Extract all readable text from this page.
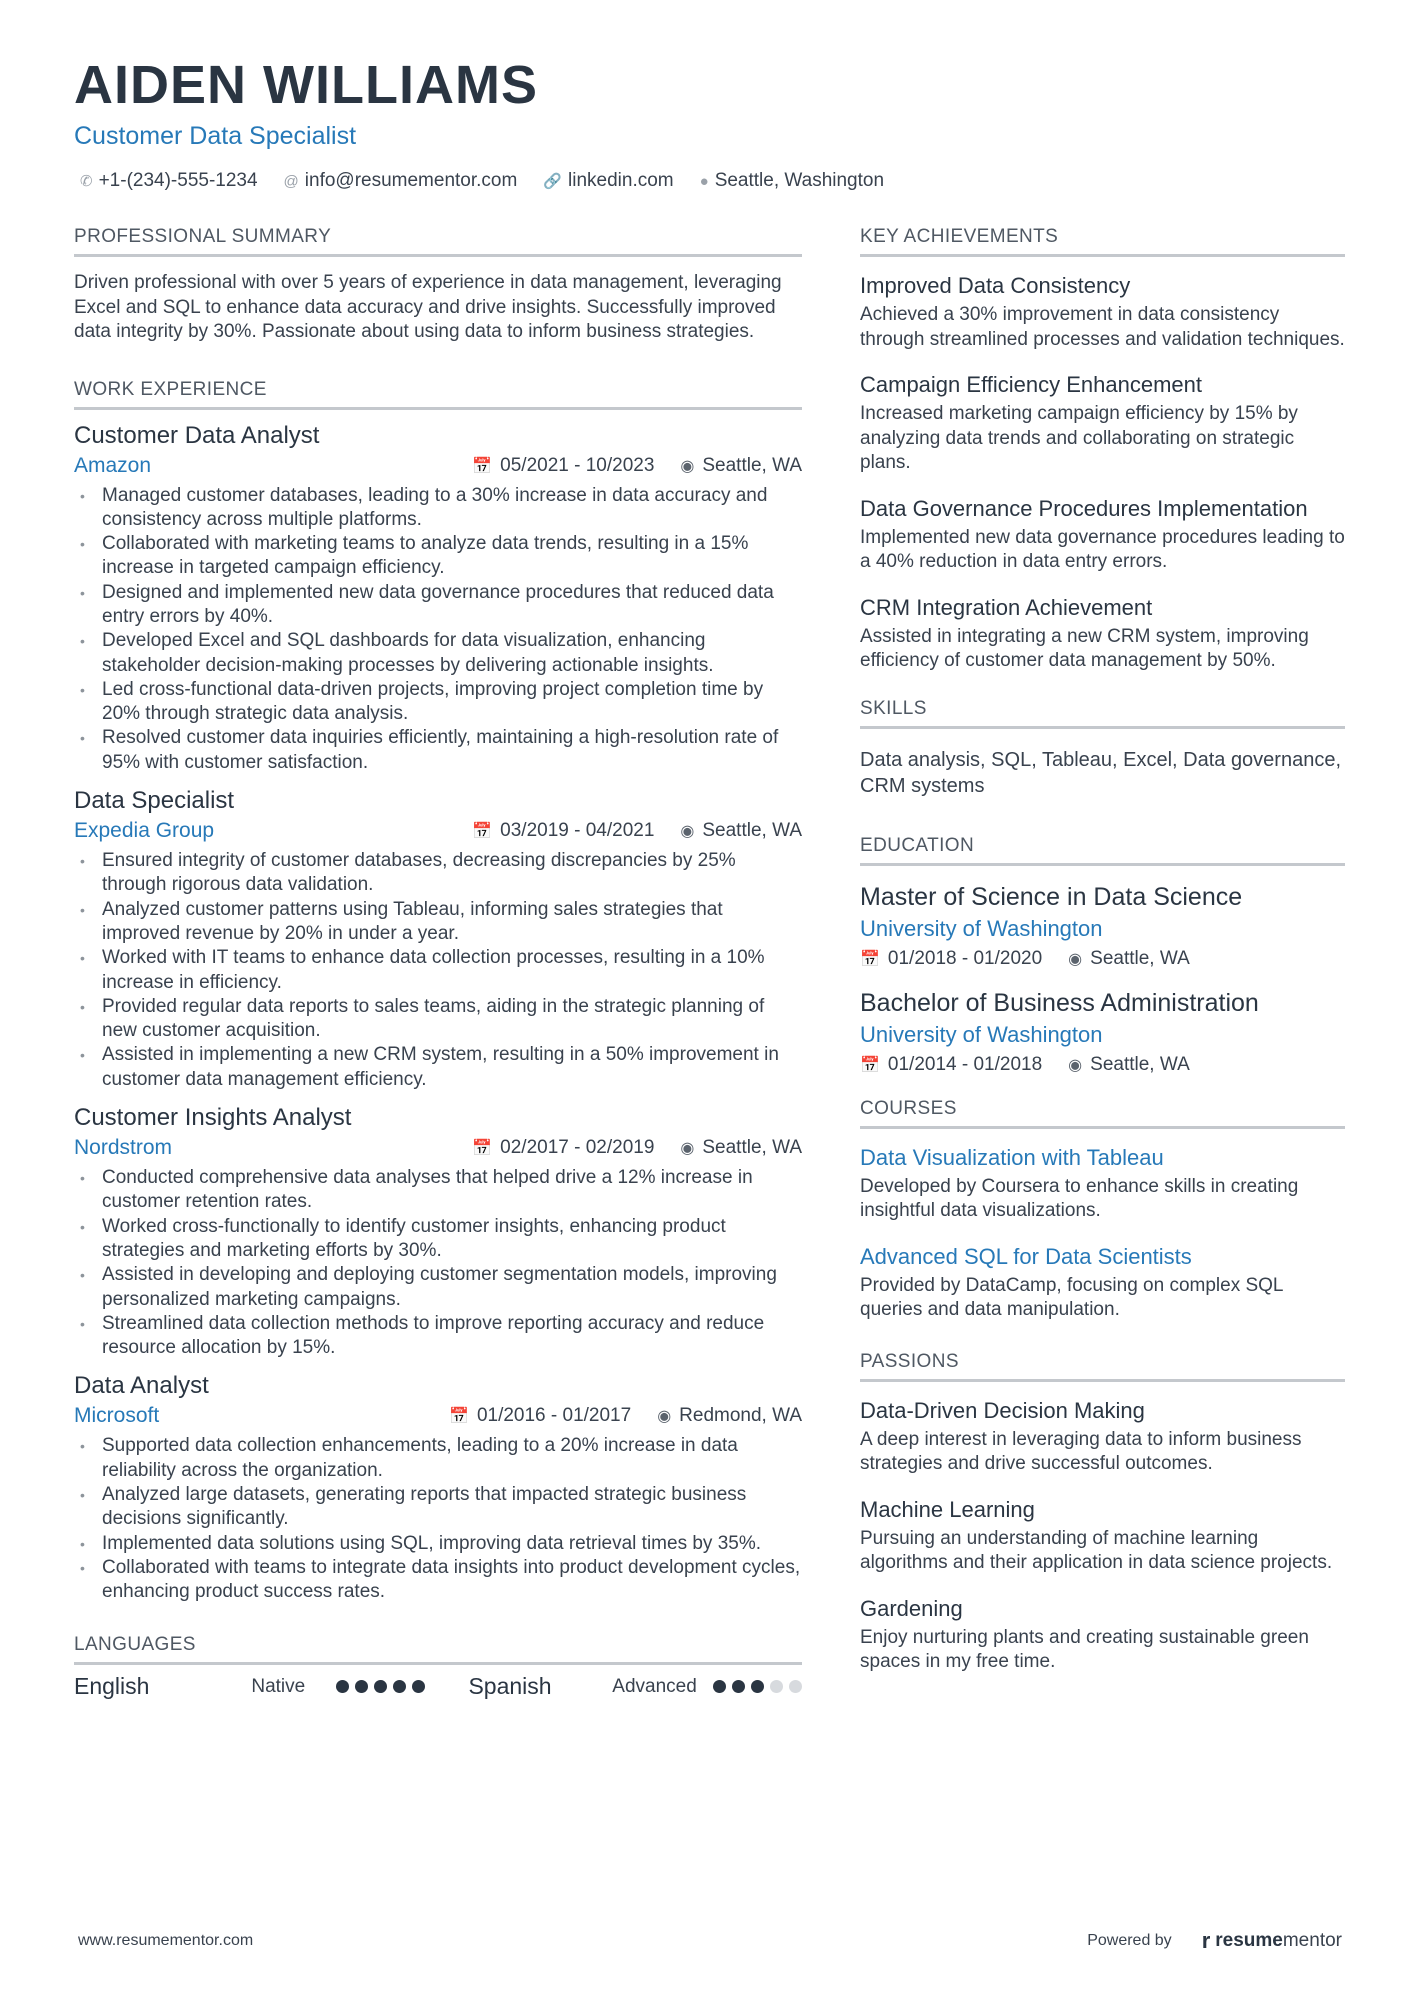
AIDEN WILLIAMS
Customer Data Specialist
✆ +1-(234)-555-1234 @ info@resumementor.com 🔗 linkedin.com ● Seattle, Washington
PROFESSIONAL SUMMARY
Driven professional with over 5 years of experience in data management, leveraging Excel and SQL to enhance data accuracy and drive insights. Successfully improved data integrity by 30%. Passionate about using data to inform business strategies.
WORK EXPERIENCE
Customer Data Analyst
Amazon	📅 05/2021 - 10/2023 ◉ Seattle, WA
• Managed customer databases, leading to a 30% increase in data accuracy and consistency across multiple platforms.
• Collaborated with marketing teams to analyze data trends, resulting in a 15% increase in targeted campaign efficiency.
• Designed and implemented new data governance procedures that reduced data entry errors by 40%.
• Developed Excel and SQL dashboards for data visualization, enhancing stakeholder decision-making processes by delivering actionable insights.
• Led cross-functional data-driven projects, improving project completion time by 20% through strategic data analysis.
• Resolved customer data inquiries efficiently, maintaining a high-resolution rate of 95% with customer satisfaction.
Data Specialist
Expedia Group	📅 03/2019 - 04/2021 ◉ Seattle, WA
• Ensured integrity of customer databases, decreasing discrepancies by 25% through rigorous data validation.
• Analyzed customer patterns using Tableau, informing sales strategies that improved revenue by 20% in under a year.
• Worked with IT teams to enhance data collection processes, resulting in a 10% increase in efficiency.
• Provided regular data reports to sales teams, aiding in the strategic planning of new customer acquisition.
• Assisted in implementing a new CRM system, resulting in a 50% improvement in customer data management efficiency.
Customer Insights Analyst
Nordstrom	📅 02/2017 - 02/2019 ◉ Seattle, WA
• Conducted comprehensive data analyses that helped drive a 12% increase in customer retention rates.
• Worked cross-functionally to identify customer insights, enhancing product strategies and marketing efforts by 30%.
• Assisted in developing and deploying customer segmentation models, improving personalized marketing campaigns.
• Streamlined data collection methods to improve reporting accuracy and reduce resource allocation by 15%.
Data Analyst
Microsoft	📅 01/2016 - 01/2017 ◉ Redmond, WA
• Supported data collection enhancements, leading to a 20% increase in data reliability across the organization.
• Analyzed large datasets, generating reports that impacted strategic business decisions significantly.
• Implemented data solutions using SQL, improving data retrieval times by 35%.
• Collaborated with teams to integrate data insights into product development cycles, enhancing product success rates.
LANGUAGES
English	Native	Spanish	Advanced
KEY ACHIEVEMENTS
Improved Data Consistency
Achieved a 30% improvement in data consistency through streamlined processes and validation techniques.
Campaign Efficiency Enhancement
Increased marketing campaign efficiency by 15% by analyzing data trends and collaborating on strategic plans.
Data Governance Procedures Implementation
Implemented new data governance procedures leading to a 40% reduction in data entry errors.
CRM Integration Achievement
Assisted in integrating a new CRM system, improving efficiency of customer data management by 50%.
SKILLS
Data analysis, SQL, Tableau, Excel, Data governance, CRM systems
EDUCATION
Master of Science in Data Science
University of Washington
📅 01/2018 - 01/2020 ◉ Seattle, WA
Bachelor of Business Administration
University of Washington
📅 01/2014 - 01/2018 ◉ Seattle, WA
COURSES
Data Visualization with Tableau
Developed by Coursera to enhance skills in creating insightful data visualizations.
Advanced SQL for Data Scientists
Provided by DataCamp, focusing on complex SQL queries and data manipulation.
PASSIONS
Data-Driven Decision Making
A deep interest in leveraging data to inform business strategies and drive successful outcomes.
Machine Learning
Pursuing an understanding of machine learning algorithms and their application in data science projects.
Gardening
Enjoy nurturing plants and creating sustainable green spaces in my free time.
www.resumementor.com	Powered by r resumementor
